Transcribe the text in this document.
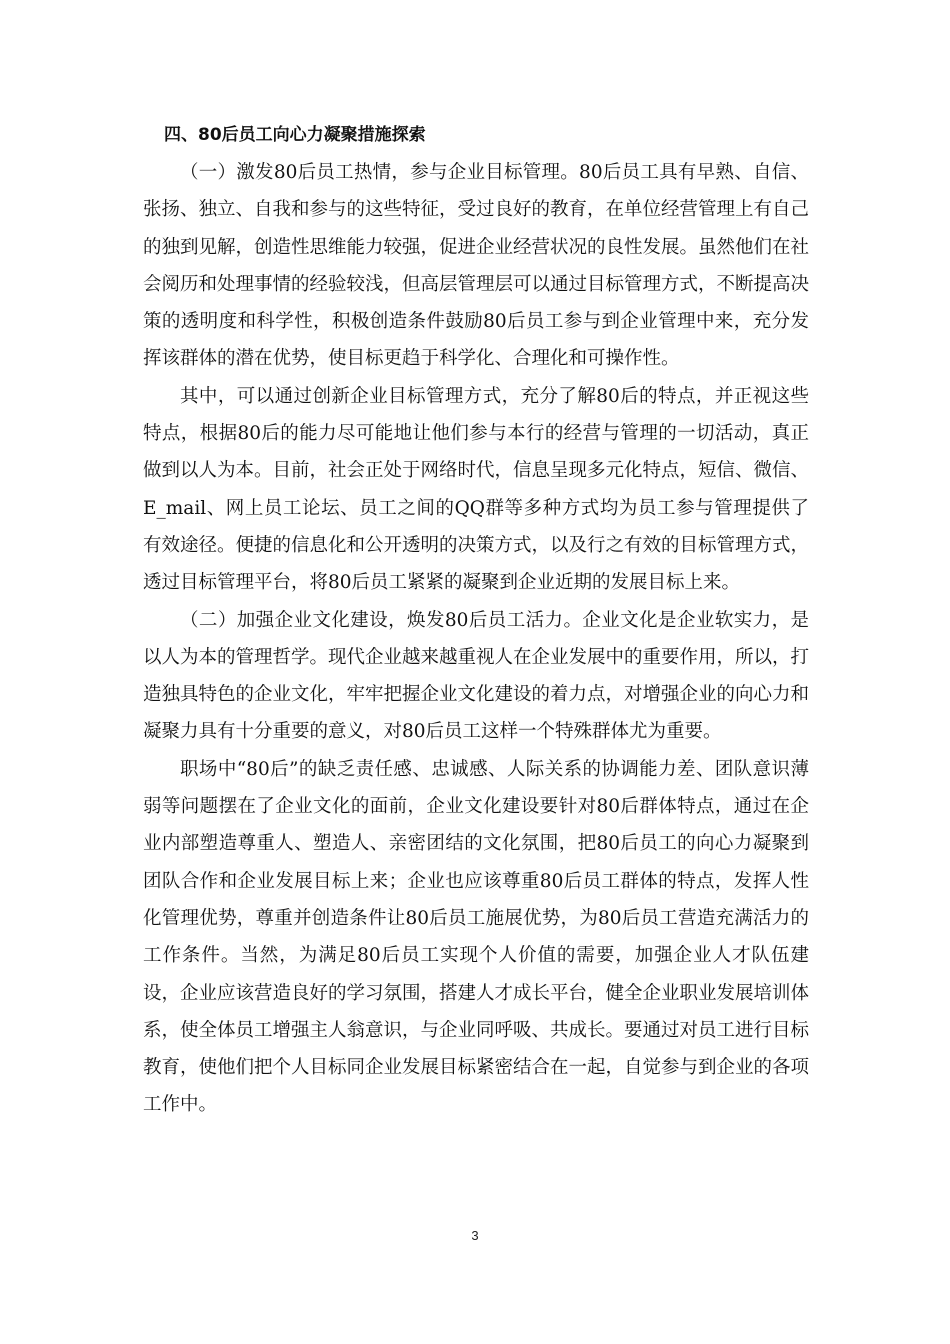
四、80后员工向心力凝聚措施探索

（一）激发80后员工热情，参与企业目标管理。80后员工具有早熟、自信、张扬、独立、自我和参与的这些特征，受过良好的教育，在单位经营管理上有自己的独到见解，创造性思维能力较强，促进企业经营状况的良性发展。虽然他们在社会阅历和处理事情的经验较浅，但高层管理层可以通过目标管理方式，不断提高决策的透明度和科学性，积极创造条件鼓励80后员工参与到企业管理中来，充分发挥该群体的潜在优势，使目标更趋于科学化、合理化和可操作性。

其中，可以通过创新企业目标管理方式，充分了解80后的特点，并正视这些特点，根据80后的能力尽可能地让他们参与本行的经营与管理的一切活动，真正做到以人为本。目前，社会正处于网络时代，信息呈现多元化特点，短信、微信、E_mail、网上员工论坛、员工之间的QQ群等多种方式均为员工参与管理提供了有效途径。便捷的信息化和公开透明的决策方式，以及行之有效的目标管理方式，透过目标管理平台，将80后员工紧紧的凝聚到企业近期的发展目标上来。

（二）加强企业文化建设，焕发80后员工活力。企业文化是企业软实力，是以人为本的管理哲学。现代企业越来越重视人在企业发展中的重要作用，所以，打造独具特色的企业文化，牢牢把握企业文化建设的着力点，对增强企业的向心力和凝聚力具有十分重要的意义，对80后员工这样一个特殊群体尤为重要。

职场中“80后”的缺乏责任感、忠诚感、人际关系的协调能力差、团队意识薄弱等问题摆在了企业文化的面前，企业文化建设要针对80后群体特点，通过在企业内部塑造尊重人、塑造人、亲密团结的文化氛围，把80后员工的向心力凝聚到团队合作和企业发展目标上来；企业也应该尊重80后员工群体的特点，发挥人性化管理优势，尊重并创造条件让80后员工施展优势，为80后员工营造充满活力的工作条件。当然，为满足80后员工实现个人价值的需要，加强企业人才队伍建设，企业应该营造良好的学习氛围，搭建人才成长平台，健全企业职业发展培训体系，使全体员工增强主人翁意识，与企业同呼吸、共成长。要通过对员工进行目标教育，使他们把个人目标同企业发展目标紧密结合在一起，自觉参与到企业的各项工作中。

3
